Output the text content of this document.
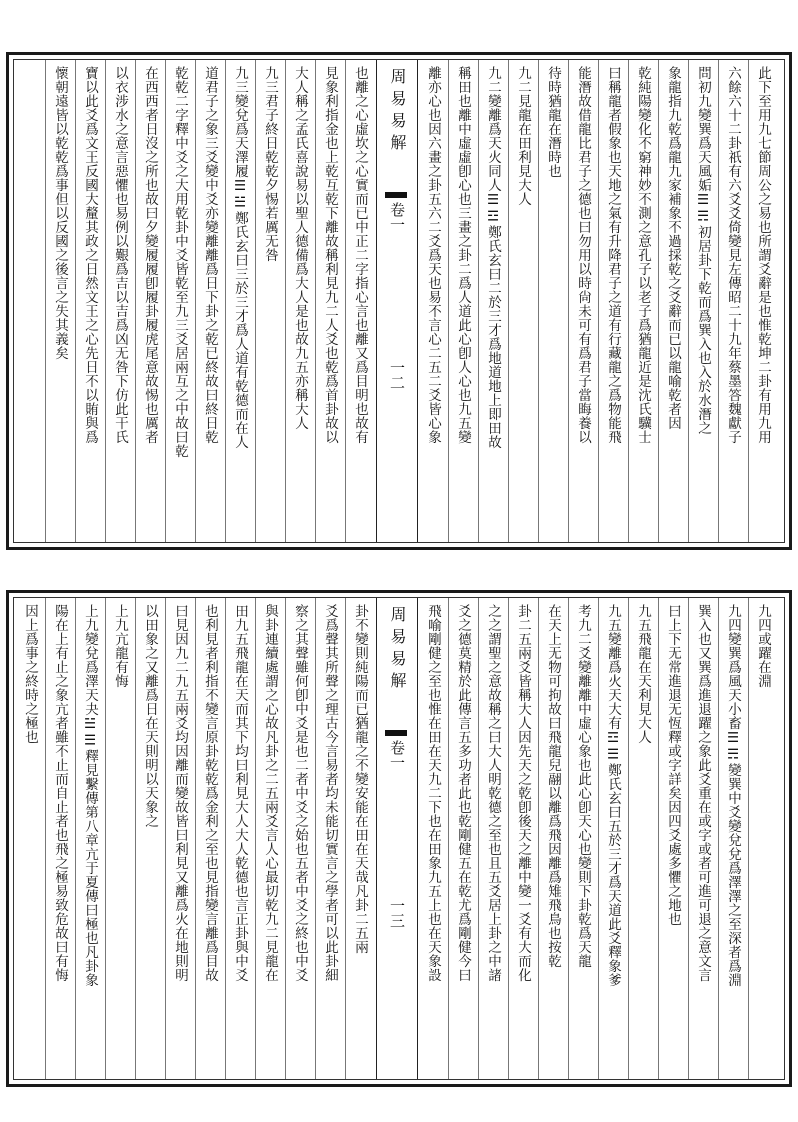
也離之心虛坎之心實而已中正二字指心言也離又爲目明也故有
見象利指金也上乾互乾下離故稱利見九二人爻也乾爲首卦故以
大人稱之孟氏喜說易以聖人德備爲大人是也故九五亦稱大人
九三君子終日乾乾夕惕若厲无咎
九三變兌爲天澤履☰☱鄭氏玄曰三於三才爲人道有乾德而在人
道君子之象三爻變中爻亦變離離爲日下卦之乾已終故曰終日乾
乾乾二字釋中爻之大用乾卦中爻皆乾至九三爻居兩互之中故曰乾
在西西者日沒之所也故曰夕變履履卽履卦履虎尾意故惕也厲者
以衣涉水之意言惡懼也易例以艱爲吉以吉爲凶无咎下仿此干氏
寶以此爻爲文王反國大釐其政之日然文王之心先日不以賄與爲
懷朝遠皆以乾乾爲事但以反國之後言之失其義矣	周易易解
卷一
一二	離亦心也因六畫之卦五六二爻爲天也易不言心二五二爻皆心象	稱田也離中虛虛卽心也三畫之卦二爲人道此心卽人心也九五變	九二變離爲天火同人☰☲鄭氏玄曰二於三才爲地道地上即田故	九二見龍在田利見大人	待時猶龍在潛時也	能潛故借龍比君子之德也曰勿用以時尙未可有爲君子當晦養以	曰稱龍者假象也天地之氣有升降君子之道有行藏龍之爲物能飛	乾純陽變化不窮神妙不測之意孔子以老子爲猶龍近是沈氏驥士	象龍指九乾爲龍九家補象不過採乾之爻辭而已以龍喻乾者因	問初九變巽爲天風姤☰☴初居卦下乾而爲巽入也入於水潛之	六餘六十二卦祇有六爻爻倚變見左傳昭二十九年蔡墨答魏獻子	此下至用九七節周公之易也所謂爻辭是也惟乾坤二卦有用九用
卦不變則純陽而已猶龍之不變安能在田在天哉凡卦二五兩
爻爲聲其所聲之理古今言易者均未能切實言之學者可以此卦細
察之其聲雖何卽中爻是也二者中爻之始也五者中爻之終也中爻
與卦連續處謂之心故凡卦之二五兩爻言人心最切乾九二見龍在
田九五飛龍在天而其下均曰利見大人大人乾德也言正卦與中爻
也利見者利指不變言原卦乾乾爲金利之至也見指變言離爲目故
曰見因九二九五兩爻均因離而變故皆曰利見又離爲火在地則明
以田象之又離爲日在天則明以天象之
上九亢龍有悔
上九變兌爲澤天夬☱☰釋見繫傳第八章亢于夏傳曰極也凡卦象
陽在上有止之象亢者雖不止而自止者也飛之極易致危故曰有悔
因上爲事之終時之極也	周易易解
卷一
一三	飛喻剛健之至也惟在田在天九二下也在田象九五上也在天象設	爻之德莫精於此傳言五多功者此也乾剛健五在乾尤爲剛健今曰	之之謂聖之意故稱之曰大人明乾德之至也且五爻居上卦之中諸	卦二五兩爻皆稱大人因先天之乾卽後天之離中變一爻有大而化	在天上无物可拘故曰飛龍兒翮以離爲飛因離爲雉飛鳥也按乾	考九二爻變離離中虛心象也此心卽天心也變則下卦乾爲天龍	九五變離爲火天大有☲☰鄭氏玄曰五於三才爲天道此爻釋象爹	九五飛龍在天利見大人	曰上下无常進退无恆釋或字詳矣因四爻處多懼之地也	巽入也又巽爲進退躍之象此爻重在或字或者可進可退之意文言	九四變巽爲風天小畜☰☴變巽中爻變兌兌爲澤澤之至深者爲淵	九四或躍在淵
